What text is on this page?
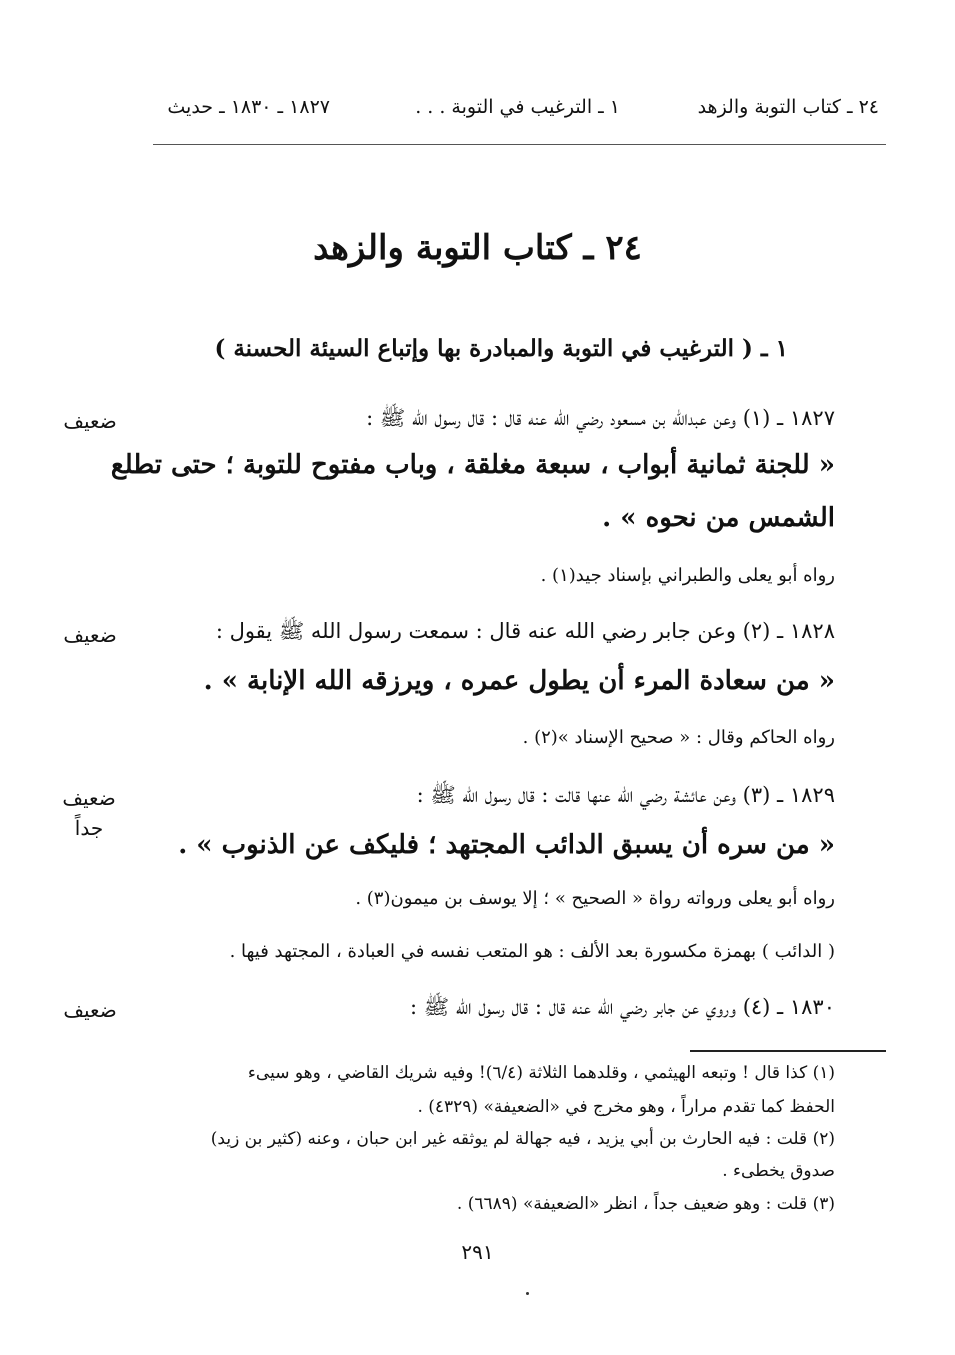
٢٤ ـ كتاب التوبة والزهد
١ ـ الترغيب في التوبة . . .
١٨٢٧ ـ ١٨٣٠ ـ حديث
٢٤ ـ كتاب التوبة والزهد
١ ـ ( الترغيب في التوبة والمبادرة بها وإتباع السيئة الحسنة )
١٨٢٧ ـ (١) وعن عبدالله بن مسعود رضي الله عنه قال : قال رسول الله ﷺ :
ضعيف
« للجنة ثمانية أبواب ، سبعة مغلقة ، وباب مفتوح للتوبة ؛ حتى تطلع
الشمس من نحوه » .
رواه أبو يعلى والطبراني بإسناد جيد(١) .
١٨٢٨ ـ (٢) وعن جابر رضي الله عنه قال : سمعت رسول الله ﷺ يقول :
ضعيف
« من سعادة المرء أن يطول عمره ، ويرزقه الله الإنابة » .
رواه الحاكم وقال : « صحيح الإسناد »(٢) .
١٨٢٩ ـ (٣) وعن عائشة رضي الله عنها قالت : قال رسول الله ﷺ :
ضعيف جداً
« من سره أن يسبق الدائب المجتهد ؛ فليكف عن الذنوب » .
رواه أبو يعلى ورواته رواة « الصحيح » ؛ إلا يوسف بن ميمون(٣) .
( الدائب ) بهمزة مكسورة بعد الألف : هو المتعب نفسه في العبادة ، المجتهد فيها .
١٨٣٠ ـ (٤) وروي عن جابر رضي الله عنه قال : قال رسول الله ﷺ :
ضعيف
(١) كذا قال ! وتبعه الهيثمي ، وقلدهما الثلاثة (٦/٤)! وفيه شريك القاضي ، وهو سيىء
الحفظ كما تقدم مراراً ، وهو مخرج في «الضعيفة» (٤٣٢٩) .
(٢) قلت : فيه الحارث بن أبي يزيد ، فيه جهالة لم يوثقه غير ابن حبان ، وعنه (كثير بن زيد)
صدوق يخطىء .
(٣) قلت : وهو ضعيف جداً ، انظر «الضعيفة» (٦٦٨٩) .
٢٩١
